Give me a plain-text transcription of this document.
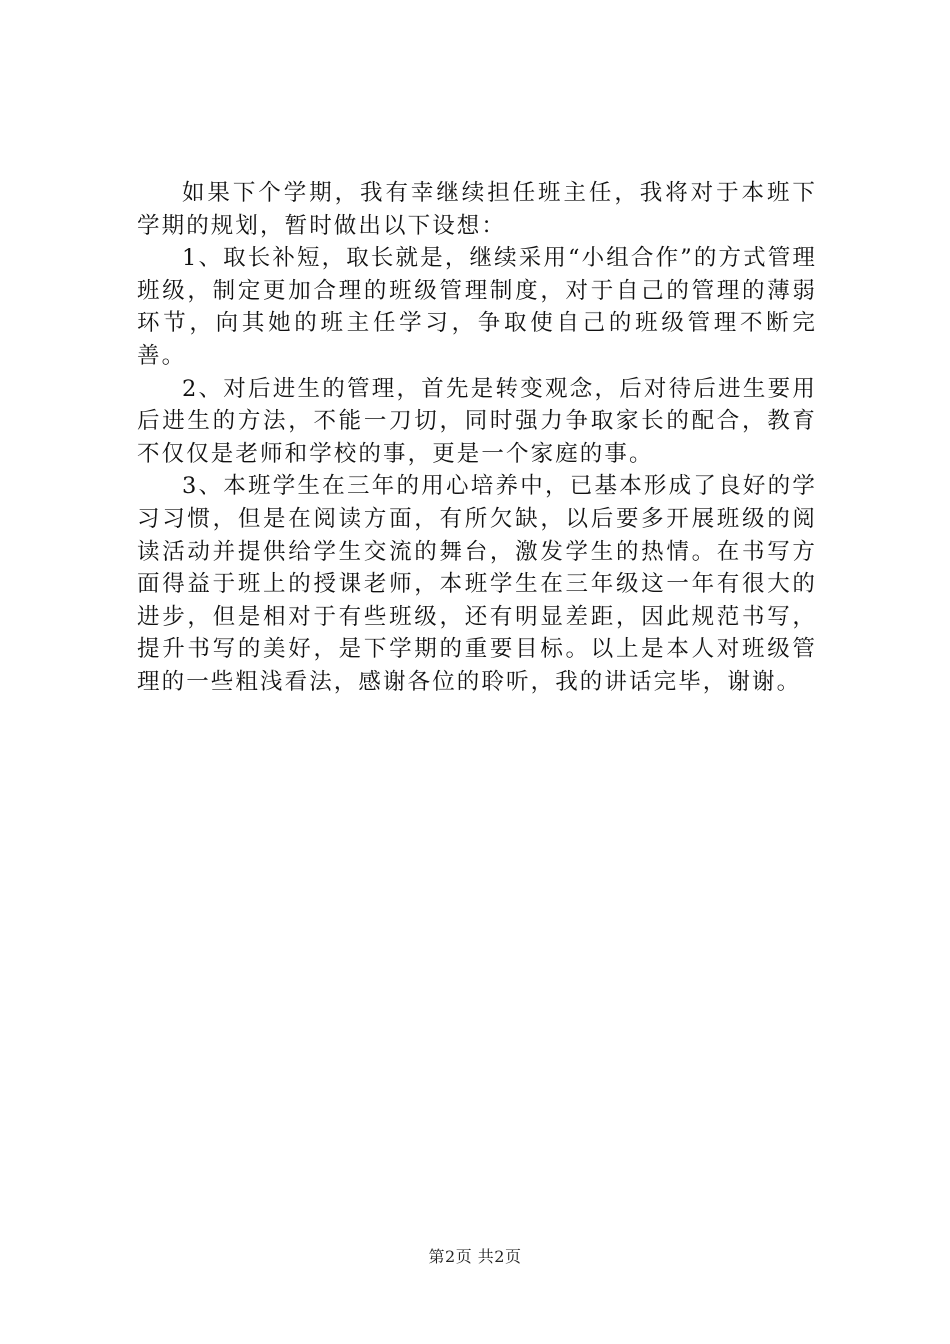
如果下个学期，我有幸继续担任班主任，我将对于本班下学期的规划，暂时做出以下设想：

1、取长补短，取长就是，继续采用“小组合作”的方式管理班级，制定更加合理的班级管理制度，对于自己的管理的薄弱环节，向其她的班主任学习，争取使自己的班级管理不断完善。

2、对后进生的管理，首先是转变观念，后对待后进生要用后进生的方法，不能一刀切，同时强力争取家长的配合，教育不仅仅是老师和学校的事，更是一个家庭的事。

3、本班学生在三年的用心培养中，已基本形成了良好的学习习惯，但是在阅读方面，有所欠缺，以后要多开展班级的阅读活动并提供给学生交流的舞台，激发学生的热情。在书写方面得益于班上的授课老师，本班学生在三年级这一年有很大的进步，但是相对于有些班级，还有明显差距，因此规范书写，提升书写的美好，是下学期的重要目标。以上是本人对班级管理的一些粗浅看法，感谢各位的聆听，我的讲话完毕，谢谢。

第2页 共2页
